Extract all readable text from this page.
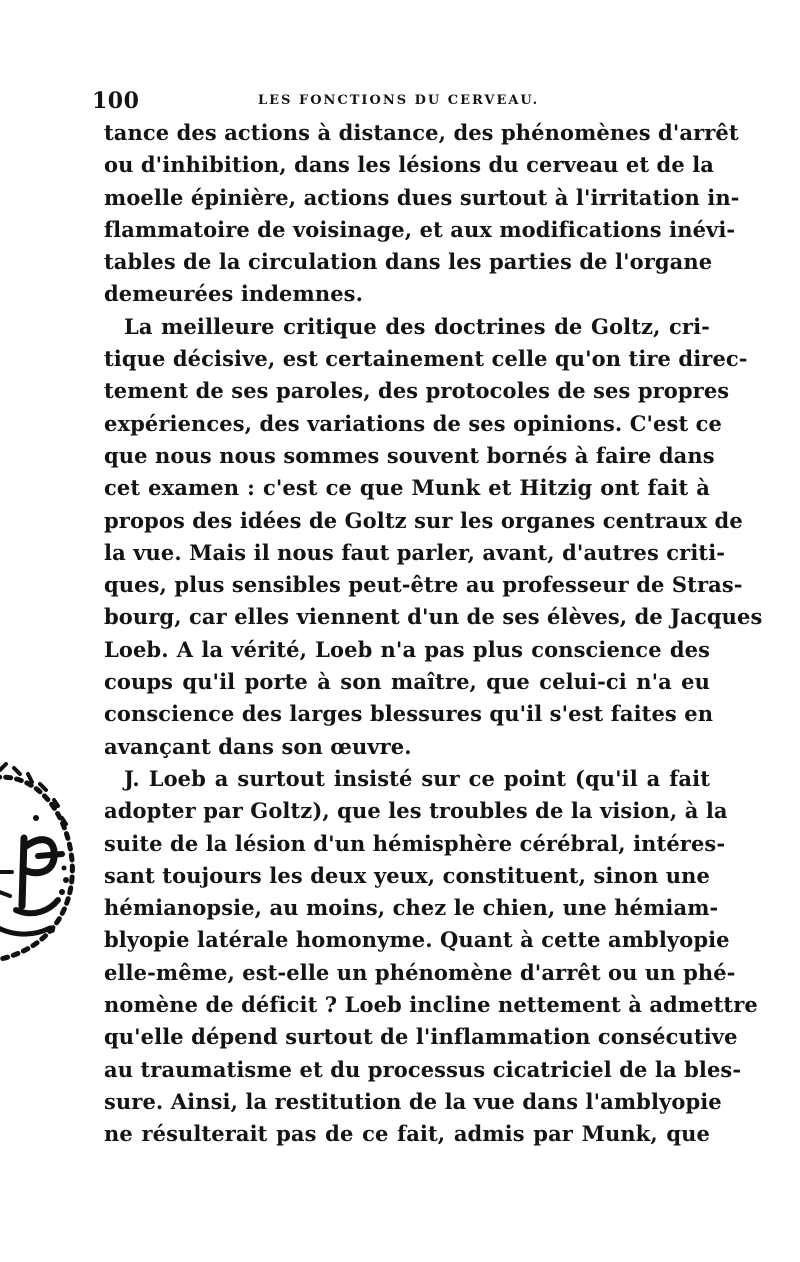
100	LES FONCTIONS DU CERVEAU.
tance des actions à distance, des phénomènes d'arrêt
ou d'inhibition, dans les lésions du cerveau et de la
moelle épinière, actions dues surtout à l'irritation in-
flammatoire de voisinage, et aux modifications inévi-
tables de la circulation dans les parties de l'organe
demeurées indemnes.
La meilleure critique des doctrines de Goltz, cri-
tique décisive, est certainement celle qu'on tire direc-
tement de ses paroles, des protocoles de ses propres
expériences, des variations de ses opinions. C'est ce
que nous nous sommes souvent bornés à faire dans
cet examen : c'est ce que Munk et Hitzig ont fait à
propos des idées de Goltz sur les organes centraux de
la vue. Mais il nous faut parler, avant, d'autres criti-
ques, plus sensibles peut-être au professeur de Stras-
bourg, car elles viennent d'un de ses élèves, de Jacques
Loeb. A la vérité, Loeb n'a pas plus conscience des
coups qu'il porte à son maître, que celui-ci n'a eu
conscience des larges blessures qu'il s'est faites en
avançant dans son œuvre.
J. Loeb a surtout insisté sur ce point (qu'il a fait
adopter par Goltz), que les troubles de la vision, à la
suite de la lésion d'un hémisphère cérébral, intéres-
sant toujours les deux yeux, constituent, sinon une
hémianopsie, au moins, chez le chien, une hémiam-
blyopie latérale homonyme. Quant à cette amblyopie
elle-même, est-elle un phénomène d'arrêt ou un phé-
nomène de déficit ? Loeb incline nettement à admettre
qu'elle dépend surtout de l'inflammation consécutive
au traumatisme et du processus cicatriciel de la bles-
sure. Ainsi, la restitution de la vue dans l'amblyopie
ne résulterait pas de ce fait, admis par Munk, que
